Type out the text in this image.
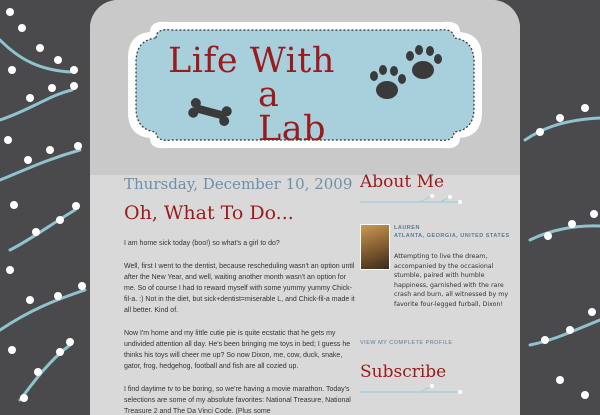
Life With
a Lab
Thursday, December 10, 2009
Oh, What To Do...

I am home sick today (boo!) so what's a girl to do?

Well, first I went to the dentist, because rescheduling wasn't an option until after the New Year, and well, waiting another month wasn't an option for me. So of course I had to reward myself with some yummy yummy Chick-fil-a. :) Not in the diet, but sick+dentist=miserable L, and Chick-fil-a made it all better. Kind of.

Now I'm home and my little cutie pie is quite ecstatic that he gets my undivided attention all day. He's been bringing me toys in bed; I guess he thinks his toys will cheer me up? So now Dixon, me, cow, duck, snake, gator, frog, hedgehog, football and fish are all cozied up.

I find daytime tv to be boring, so we're having a movie marathon. Today's selections are some of my absolute favorites: National Treasure, National Treasure 2 and The Da Vinci Code. (Plus some

About Me
LAUREN
ATLANTA, GEORGIA, UNITED STATES

Attempting to live the dream, accompanied by the occasional stumble, paired with humble happiness, garnished with the rare crash and burn, all witnessed by my favorite four-legged furball, Dixon!

VIEW MY COMPLETE PROFILE
Subscribe
